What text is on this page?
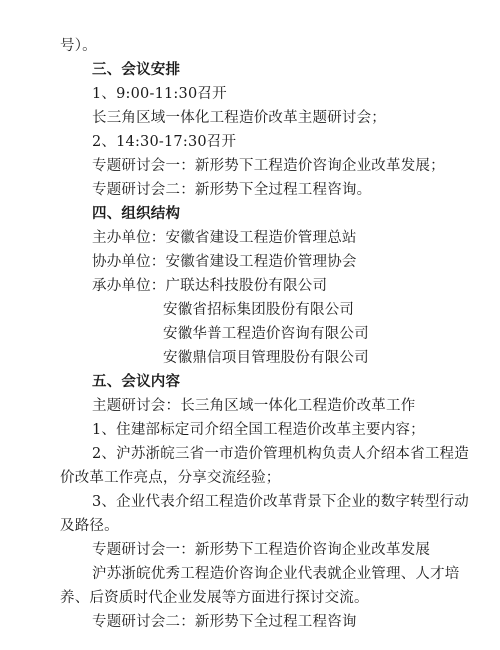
号）。
三、会议安排
1、9:00-11:30召开
长三角区域一体化工程造价改革主题研讨会；
2、14:30-17:30召开
专题研讨会一：新形势下工程造价咨询企业改革发展；
专题研讨会二：新形势下全过程工程咨询。
四、组织结构
主办单位：安徽省建设工程造价管理总站
协办单位：安徽省建设工程造价管理协会
承办单位：广联达科技股份有限公司
安徽省招标集团股份有限公司
安徽华普工程造价咨询有限公司
安徽鼎信项目管理股份有限公司
五、会议内容
主题研讨会：长三角区域一体化工程造价改革工作
1、住建部标定司介绍全国工程造价改革主要内容；
2、沪苏浙皖三省一市造价管理机构负责人介绍本省工程造
价改革工作亮点，分享交流经验；
3、企业代表介绍工程造价改革背景下企业的数字转型行动
及路径。
专题研讨会一：新形势下工程造价咨询企业改革发展
沪苏浙皖优秀工程造价咨询企业代表就企业管理、人才培
养、后资质时代企业发展等方面进行探讨交流。
专题研讨会二：新形势下全过程工程咨询
